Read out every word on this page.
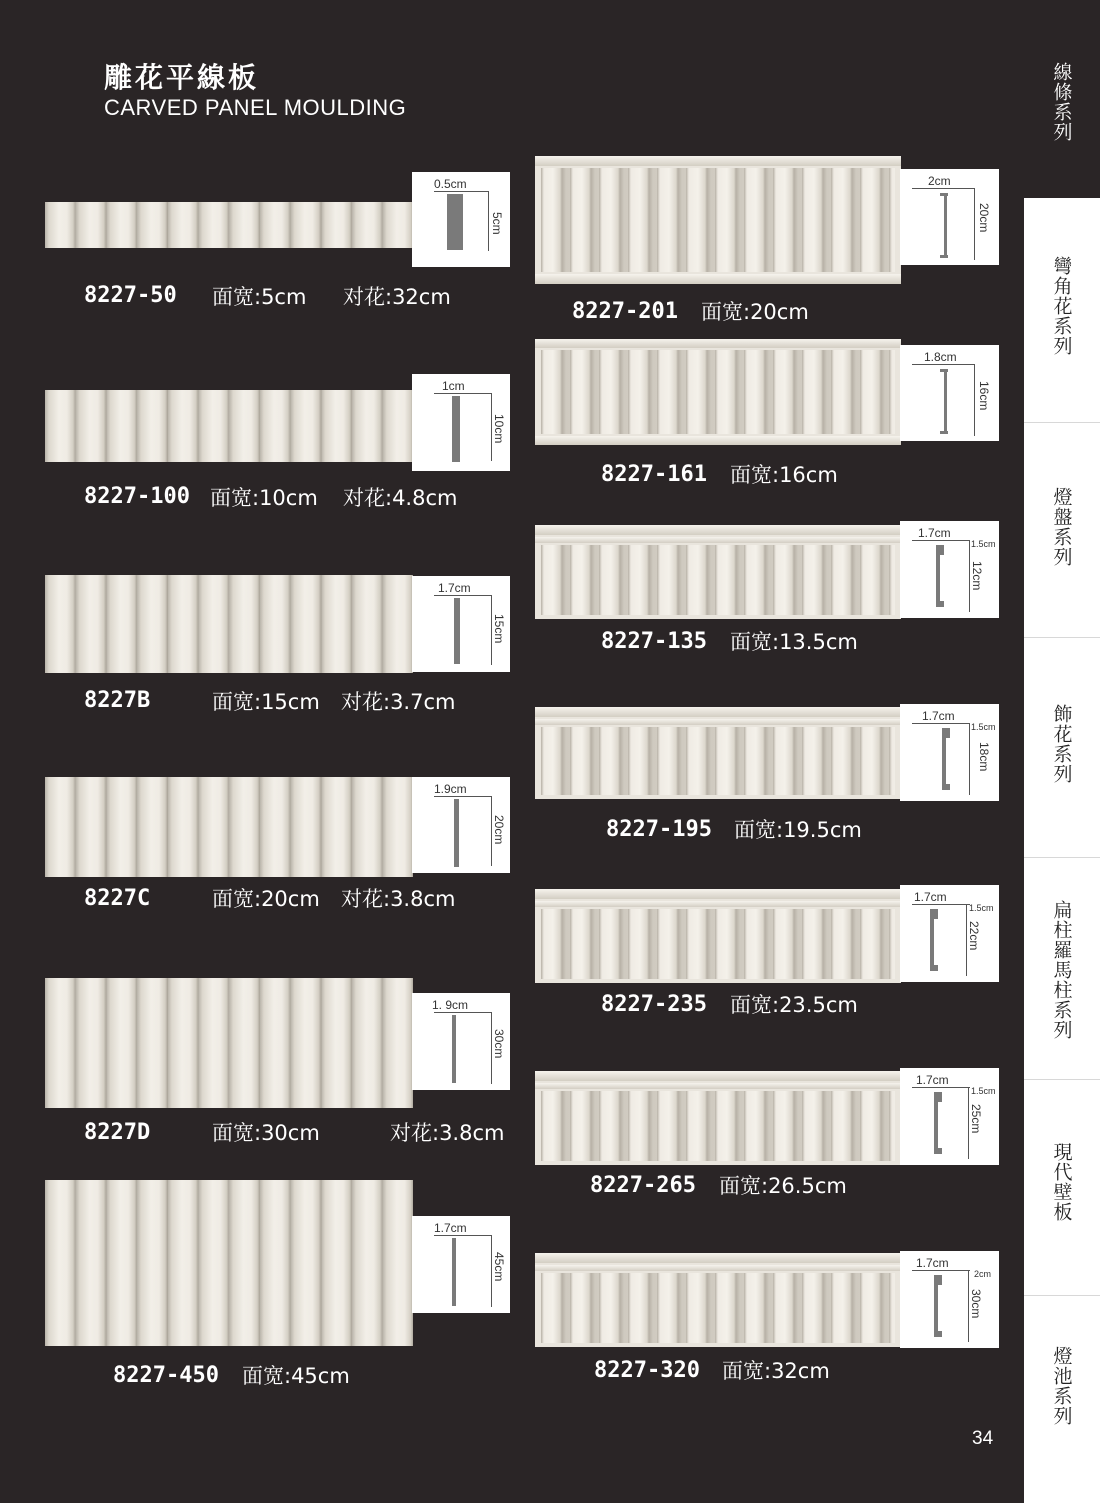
雕花平線板
CARVED PANEL MOULDING
0.5cm
5cm
8227-50 面宽:5cm 对花:32cm
1cm
10cm
8227-100 面宽:10cm 对花:4.8cm
1.7cm
15cm
8227B	面宽:15cm 对花:3.7cm
1.9cm
20cm
8227C	面宽:20cm 对花:3.8cm
1. 9cm
30cm
8227D	面宽:30cm	对花:3.8cm
1.7cm
45cm
8227-450 面宽:45cm
2cm
20cm
8227-201 面宽:20cm
1.8cm
16cm
8227-161 面宽:16cm
1.7cm
1.5cm
12cm
8227-135 面宽:13.5cm
1.7cm
1.5cm
18cm
8227-195 面宽:19.5cm
1.7cm
1.5cm
22cm
8227-235 面宽:23.5cm
1.7cm
1.5cm
25cm
8227-265 面宽:26.5cm
1.7cm
2cm
30cm
8227-320 面宽:32cm
34
線條系列
彎角花系列
燈盤系列
飾花系列
扁柱羅馬柱系列
現代壁板
燈池系列
